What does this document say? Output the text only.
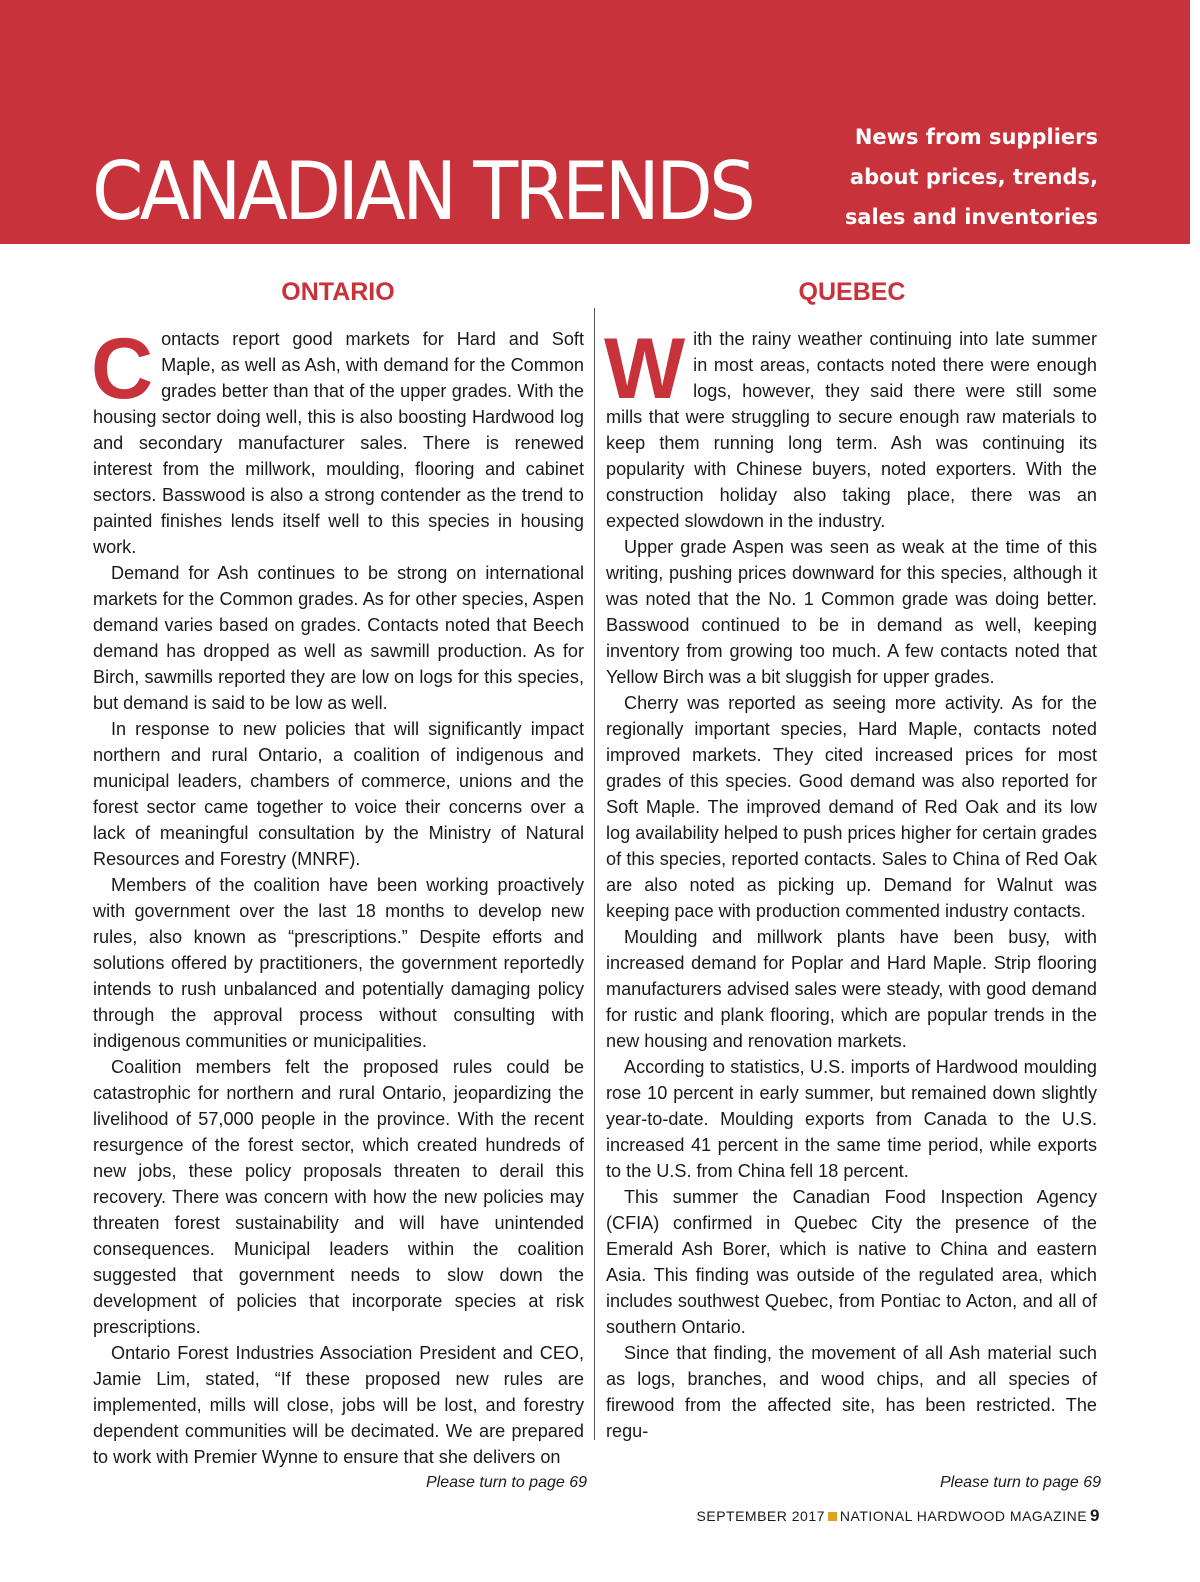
CANADIAN TRENDS
News from suppliers
about prices, trends,
sales and inventories
ONTARIO	QUEBEC

Contacts report good markets for Hard and Soft Maple, as well as Ash, with demand for the Common grades better than that of the upper grades. With the housing sector doing well, this is also boosting Hardwood log and secondary manufacturer sales. There is renewed interest from the millwork, moulding, flooring and cabinet sectors. Basswood is also a strong contender as the trend to painted finishes lends itself well to this species in housing work.

Demand for Ash continues to be strong on international markets for the Common grades. As for other species, Aspen demand varies based on grades. Contacts noted that Beech demand has dropped as well as sawmill production. As for Birch, sawmills reported they are low on logs for this species, but demand is said to be low as well.

In response to new policies that will significantly impact northern and rural Ontario, a coalition of indigenous and municipal leaders, chambers of commerce, unions and the forest sector came together to voice their concerns over a lack of meaningful consultation by the Ministry of Natural Resources and Forestry (MNRF).

Members of the coalition have been working proactively with government over the last 18 months to develop new rules, also known as “prescriptions.” Despite efforts and solutions offered by practitioners, the government reportedly intends to rush unbalanced and potentially damaging policy through the approval process without consulting with indigenous communities or municipalities.

Coalition members felt the proposed rules could be catastrophic for northern and rural Ontario, jeopardizing the livelihood of 57,000 people in the province. With the recent resurgence of the forest sector, which created hundreds of new jobs, these policy proposals threaten to derail this recovery. There was concern with how the new policies may threaten forest sustainability and will have unintended consequences. Municipal leaders within the coalition suggested that government needs to slow down the development of policies that incorporate species at risk prescriptions.

Ontario Forest Industries Association President and CEO, Jamie Lim, stated, “If these proposed new rules are implemented, mills will close, jobs will be lost, and forestry dependent communities will be decimated. We are prepared to work with Premier Wynne to ensure that she delivers on

With the rainy weather continuing into late summer in most areas, contacts noted there were enough logs, however, they said there were still some mills that were struggling to secure enough raw materials to keep them running long term. Ash was continuing its popularity with Chinese buyers, noted exporters. With the construction holiday also taking place, there was an expected slowdown in the industry.

Upper grade Aspen was seen as weak at the time of this writing, pushing prices downward for this species, although it was noted that the No. 1 Common grade was doing better. Basswood continued to be in demand as well, keeping inventory from growing too much. A few contacts noted that Yellow Birch was a bit sluggish for upper grades.

Cherry was reported as seeing more activity. As for the regionally important species, Hard Maple, contacts noted improved markets. They cited increased prices for most grades of this species. Good demand was also reported for Soft Maple. The improved demand of Red Oak and its low log availability helped to push prices higher for certain grades of this species, reported contacts. Sales to China of Red Oak are also noted as picking up. Demand for Walnut was keeping pace with production commented industry contacts.

Moulding and millwork plants have been busy, with increased demand for Poplar and Hard Maple. Strip flooring manufacturers advised sales were steady, with good demand for rustic and plank flooring, which are popular trends in the new housing and renovation markets.

According to statistics, U.S. imports of Hardwood moulding rose 10 percent in early summer, but remained down slightly year-to-date. Moulding exports from Canada to the U.S. increased 41 percent in the same time period, while exports to the U.S. from China fell 18 percent.

This summer the Canadian Food Inspection Agency (CFIA) confirmed in Quebec City the presence of the Emerald Ash Borer, which is native to China and eastern Asia. This finding was outside of the regulated area, which includes southwest Quebec, from Pontiac to Acton, and all of southern Ontario.

Since that finding, the movement of all Ash material such as logs, branches, and wood chips, and all species of firewood from the affected site, has been restricted. The regu-

Please turn to page 69	Please turn to page 69
SEPTEMBER 2017 NATIONAL HARDWOOD MAGAZINE 9
